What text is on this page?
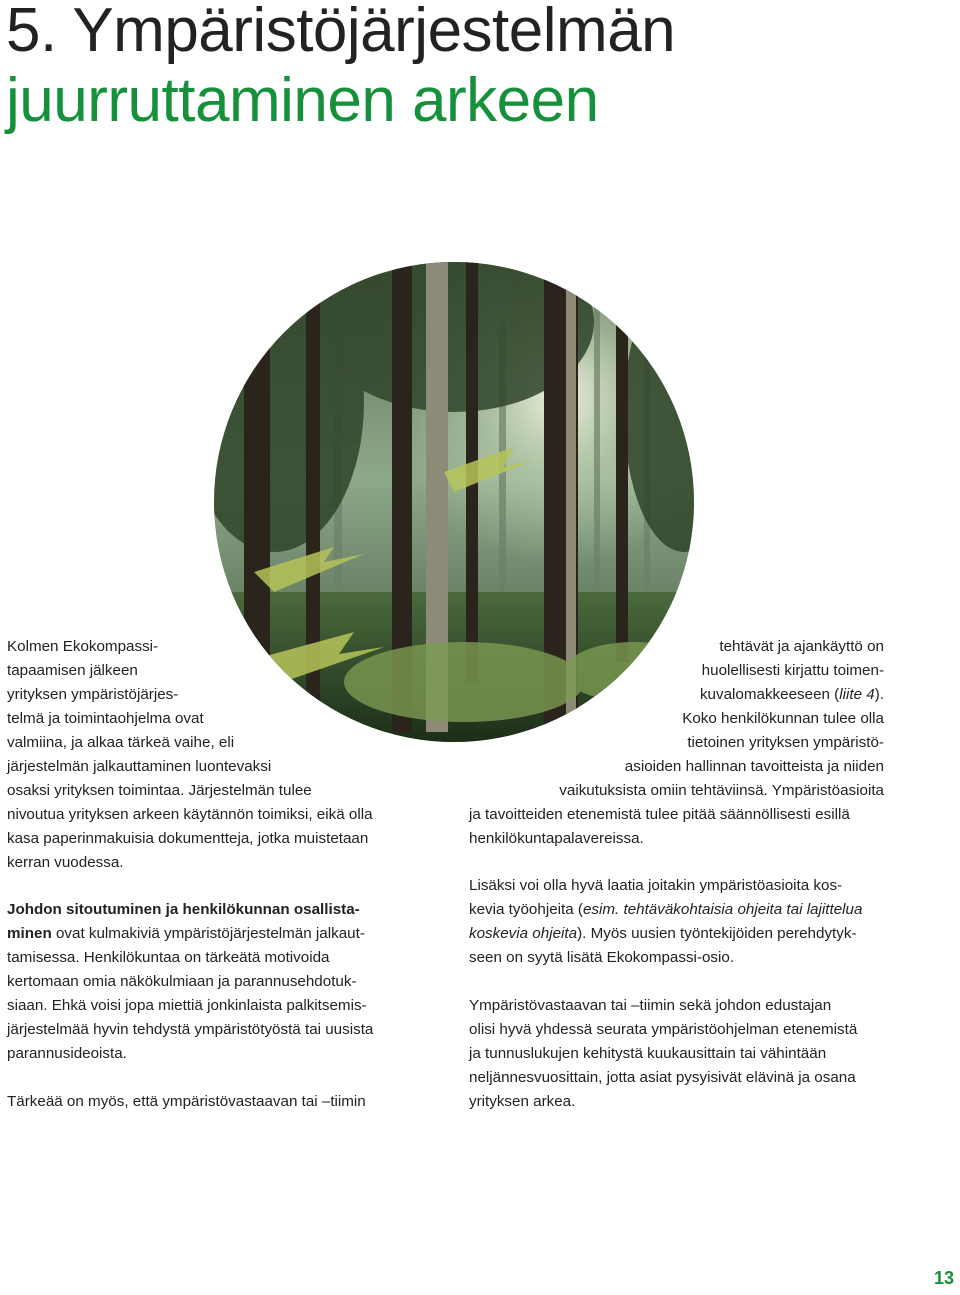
5. Ympäristöjärjestelmän
juurruttaminen arkeen
Kolmen Ekokompassi-
tapaamisen jälkeen
yrityksen ympäristöjärjes-
telmä ja toimintaohjelma ovat
valmiina, ja alkaa tärkeä vaihe, eli
järjestelmän jalkauttaminen luontevaksi
osaksi yrityksen toimintaa. Järjestelmän tulee
nivoutua yrityksen arkeen käytännön toimiksi, eikä olla
kasa paperinmakuisia dokumentteja, jotka muistetaan
kerran vuodessa.
Johdon sitoutuminen ja henkilökunnan osallista-
minen ovat kulmakiviä ympäristöjärjestelmän jalkaut-
tamisessa. Henkilökuntaa on tärkeätä motivoida
kertomaan omia näkökulmiaan ja parannusehdotuk-
siaan. Ehkä voisi jopa miettiä jonkinlaista palkitsemis-
järjestelmää hyvin tehdystä ympäristötyöstä tai uusista
parannusideoista.
Tärkeää on myös, että ympäristövastaavan tai –tiimin
tehtävät ja ajankäyttö on
huolellisesti kirjattu toimen-
kuvalomakkeeseen (liite 4).
Koko henkilökunnan tulee olla
tietoinen yrityksen ympäristö-
asioiden hallinnan tavoitteista ja niiden
vaikutuksista omiin tehtäviinsä. Ympäristöasioita
ja tavoitteiden etenemistä tulee pitää säännöllisesti esillä
henkilökuntapalavereissa.
Lisäksi voi olla hyvä laatia joitakin ympäristöasioita kos-
kevia työohjeita (esim. tehtäväkohtaisia ohjeita tai lajittelua
koskevia ohjeita). Myös uusien työntekijöiden perehdytyk-
seen on syytä lisätä Ekokompassi-osio.
Ympäristövastaavan tai –tiimin sekä johdon edustajan
olisi hyvä yhdessä seurata ympäristöohjelman etenemistä
ja tunnuslukujen kehitystä kuukausittain tai vähintään
neljännesvuosittain, jotta asiat pysyisivät elävinä ja osana
yrityksen arkea.
13
